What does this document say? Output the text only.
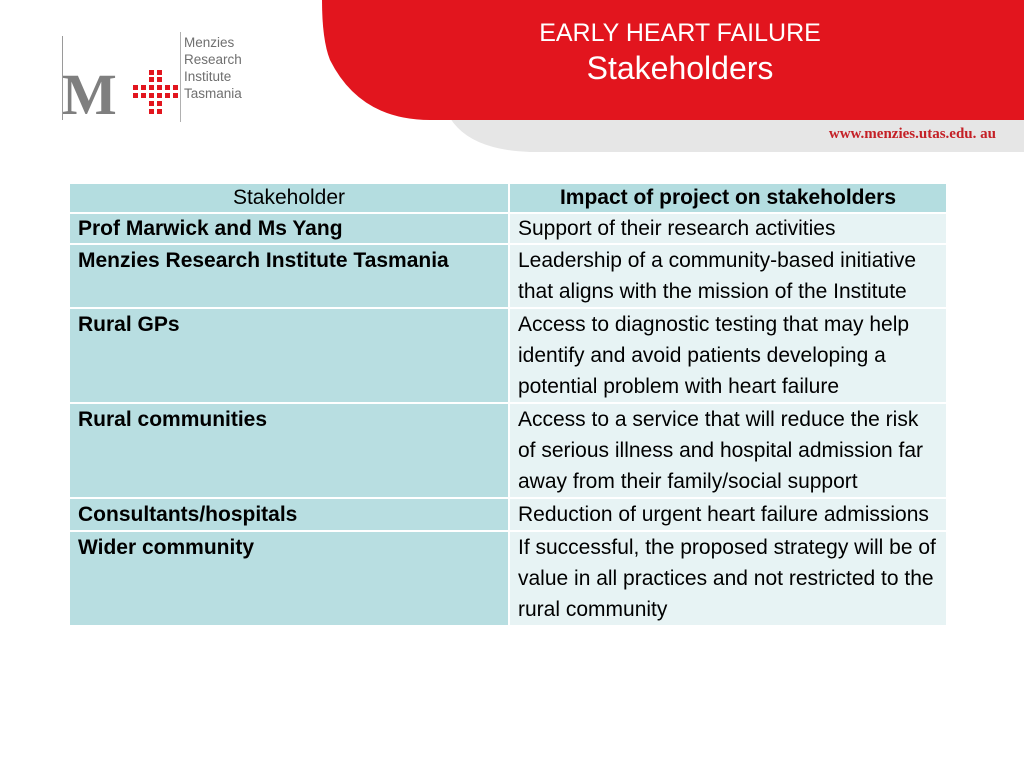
M
Menzies
Research
Institute
Tasmania
EARLY HEART FAILURE
Stakeholders
www.menzies.utas.edu. au
Stakeholder	Impact of project on stakeholders
Prof Marwick and Ms Yang	Support of their research activities
Menzies Research Institute Tasmania	Leadership of a community-based initiative that aligns with the mission of the Institute
Rural GPs	Access to diagnostic testing that may help identify and avoid patients developing a potential problem with heart failure
Rural communities	Access to a service that will reduce the risk of serious illness and hospital admission far away from their family/social support
Consultants/hospitals	Reduction of urgent heart failure admissions
Wider community	If successful, the proposed strategy will be of value in all practices and not restricted to the rural community
